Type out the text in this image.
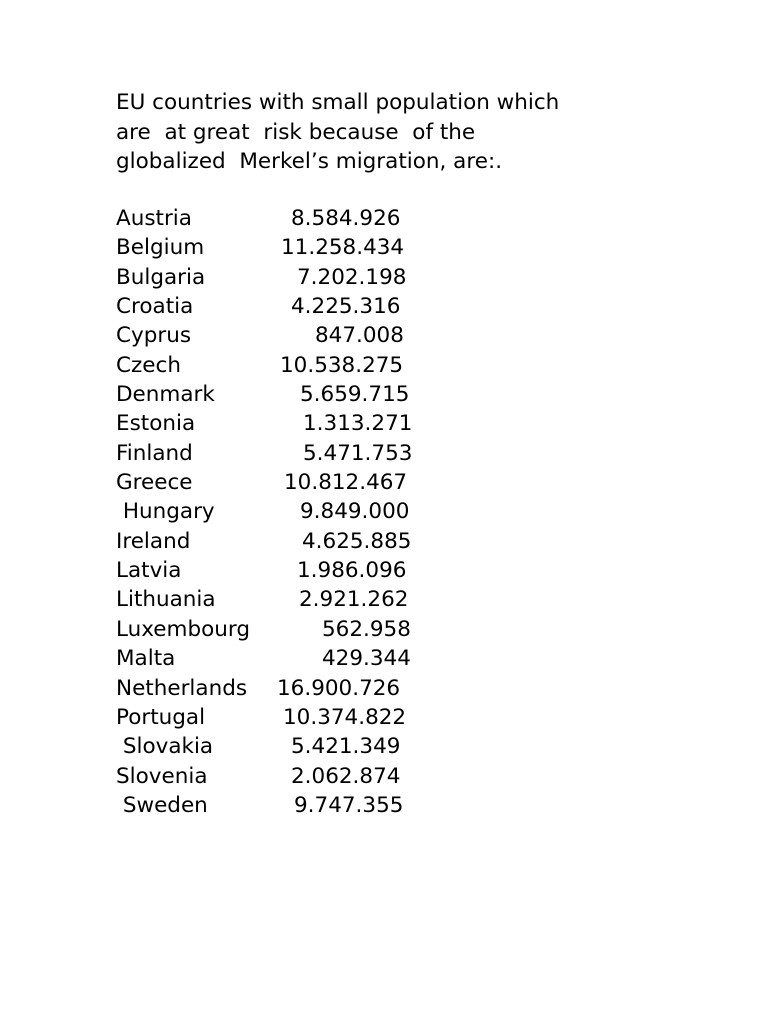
EU countries with small population which

are  at great  risk because  of the

globalized  Merkel’s migration, are:.

Austria	8.584.926
Belgium	11.258.434
Bulgaria	7.202.198
Croatia	4.225.316
Cyprus	847.008
Czech	10.538.275
Denmark	5.659.715
Estonia	1.313.271
Finland	5.471.753
Greece	10.812.467
Hungary	9.849.000
Ireland	4.625.885
Latvia	1.986.096
Lithuania	2.921.262
Luxembourg	562.958
Malta	429.344
Netherlands 16.900.726
Portugal	10.374.822
Slovakia	5.421.349
Slovenia	2.062.874
Sweden	9.747.355
